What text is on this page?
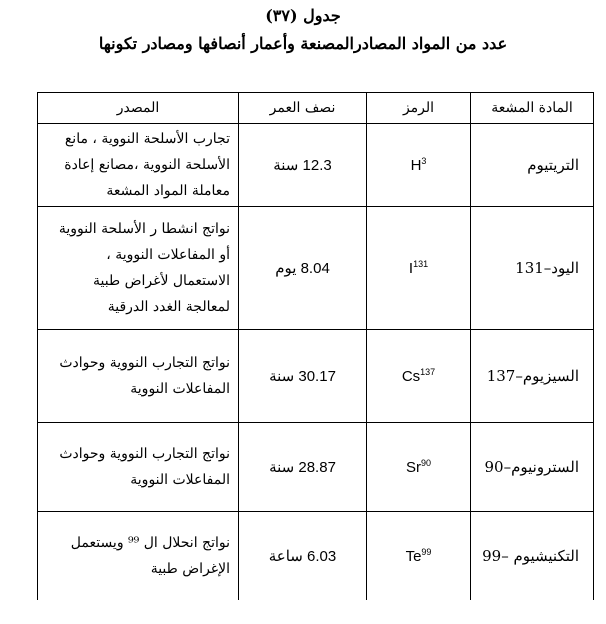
جدول (٣٧)
عدد من المواد المصادرالمصنعة وأعمار أنصافها ومصادر تكونها
المادة المشعة	الرمز	نصف العمر	المصدر
التريتيوم	$H^3$	12.3 سنة	تجارب الأسلحة النووية ، مانع
الأسلحة النووية ،مصانع إعادة
معاملة المواد المشعة

اليود–131	$I^{131}$	8.04 يوم	نواتج انشطا ر الأسلحة النووية
أو المفاعلات النووية ،
الاستعمال لأغراض طبية
لمعالجة الغدد الدرقية

السيزيوم–137	Cs$^{137}$	30.17 سنة	نواتج التجارب النووية وحوادث
المفاعلات النووية

السترونيوم–90	Sr$^{90}$	28.87 سنة	نواتج التجارب النووية وحوادث
المفاعلات النووية

التكنيشيوم –99	Te$^{99}$	6.03 ساعة	نواتج انحلال ال ⁹⁹ ويستعمل
الإغراض طبية
